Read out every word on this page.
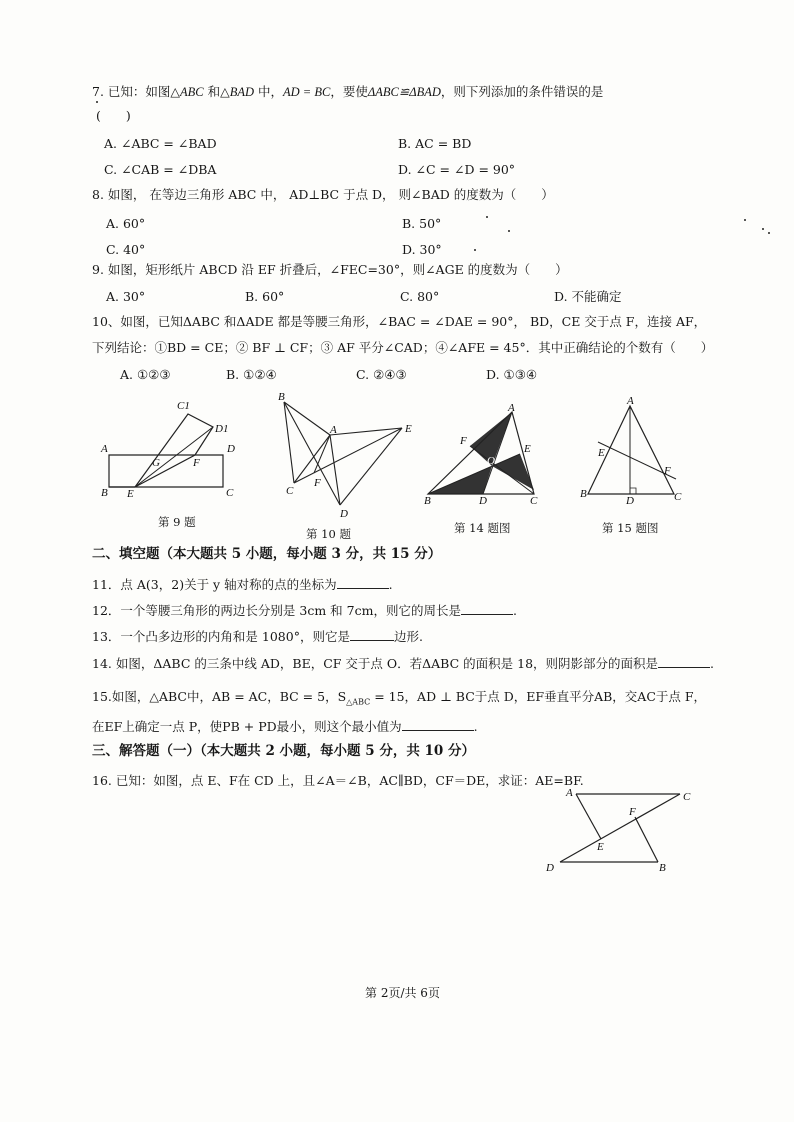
7. 已知：如图△ABC 和△BAD 中，AD = BC，要使ΔABC≌ΔBAD，则下列添加的条件错误的是
(　　)
A. ∠ABC = ∠BAD	B. AC = BD
C. ∠CAB = ∠DBA	D. ∠C = ∠D = 90°
8. 如图， 在等边三角形 ABC 中， AD⊥BC 于点 D， 则∠BAD 的度数为（　　）
A. 60°	B. 50°
C. 40°	D. 30°
9. 如图，矩形纸片 ABCD 沿 EF 折叠后，∠FEC=30°，则∠AGE 的度数为（　　）
A. 30°	B. 60°	C. 80°	D. 不能确定
10、如图，已知ΔABC 和ΔADE 都是等腰三角形，∠BAC = ∠DAE = 90°， BD，CE 交于点 F，连接 AF，
下列结论：①BD = CE；② BF ⊥ CF；③ AF 平分∠CAD；④∠AFE = 45°．其中正确结论的个数有（　　）
A. ①②③	B. ①②④	C. ②④③	D. ①③④
C1
D1
D
A
G	F
B E	C
第 9 题
B
A	E
C
F
D
第 10 题
A
F
E
O
B	D	C
第 14 题图
A
E
F
B
D	C
第 15 题图
二、填空题（本大题共 5 小题，每小题 3 分，共 15 分）
11．点 A(3，2)关于 y 轴对称的点的坐标为	.
12．一个等腰三角形的两边长分别是 3cm 和 7cm，则它的周长是	.
13．一个凸多边形的内角和是 1080°，则它是	边形.
14. 如图，ΔABC 的三条中线 AD，BE，CF 交于点 O．若ΔABC 的面积是 18，则阴影部分的面积是	.
15.如图，△ABC中，AB = AC，BC = 5，$S_{\triangle ABC} = 15$，AD ⊥ BC于点 D，EF垂直平分AB，交AC于点 F，
在EF上确定一点 P，使PB + PD最小，则这个最小值为	.
三、解答题（一）（本大题共 2 小题，每小题 5 分，共 10 分）
16. 已知：如图，点 E、F在 CD 上，且∠A＝∠B，AC∥BD，CF＝DE，求证：AE=BF.
A	C
F
E
D	B
第 2页/共 6页
